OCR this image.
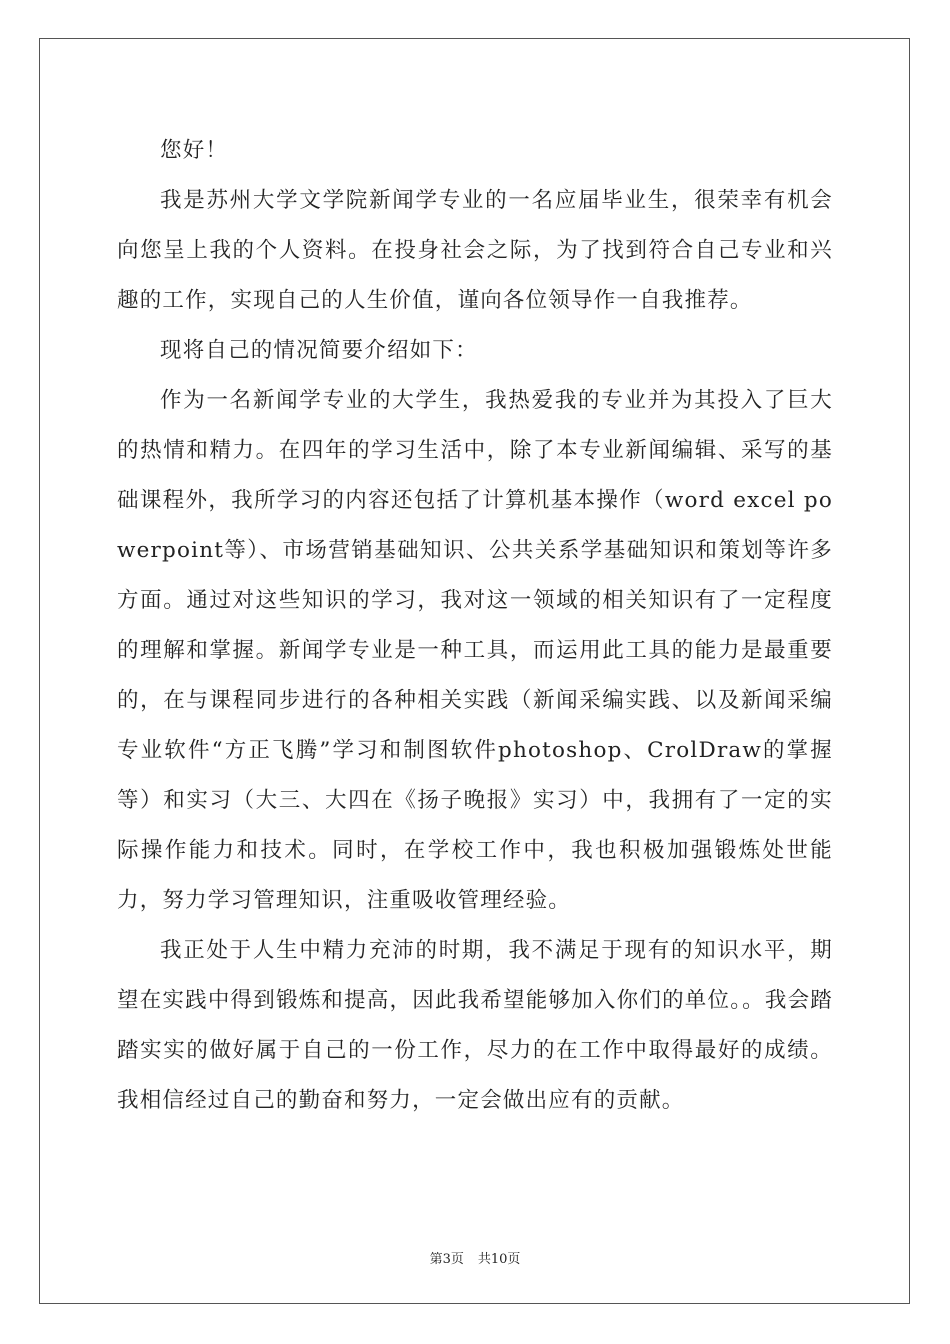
您好！

我是苏州大学文学院新闻学专业的一名应届毕业生，很荣幸有机会向您呈上我的个人资料。在投身社会之际，为了找到符合自己专业和兴趣的工作，实现自己的人生价值，谨向各位领导作一自我推荐。

现将自己的情况简要介绍如下：

作为一名新闻学专业的大学生，我热爱我的专业并为其投入了巨大的热情和精力。在四年的学习生活中，除了本专业新闻编辑、采写的基础课程外，我所学习的内容还包括了计算机基本操作（word excel powerpoint等）、市场营销基础知识、公共关系学基础知识和策划等许多方面。通过对这些知识的学习，我对这一领域的相关知识有了一定程度的理解和掌握。新闻学专业是一种工具，而运用此工具的能力是最重要的，在与课程同步进行的各种相关实践（新闻采编实践、以及新闻采编专业软件“方正飞腾”学习和制图软件photoshop、CrolDraw的掌握等）和实习（大三、大四在《扬子晚报》实习）中，我拥有了一定的实际操作能力和技术。同时，在学校工作中，我也积极加强锻炼处世能力，努力学习管理知识，注重吸收管理经验。

我正处于人生中精力充沛的时期，我不满足于现有的知识水平，期望在实践中得到锻炼和提高，因此我希望能够加入你们的单位。。我会踏踏实实的做好属于自己的一份工作，尽力的在工作中取得最好的成绩。我相信经过自己的勤奋和努力，一定会做出应有的贡献。

第3页 共10页
